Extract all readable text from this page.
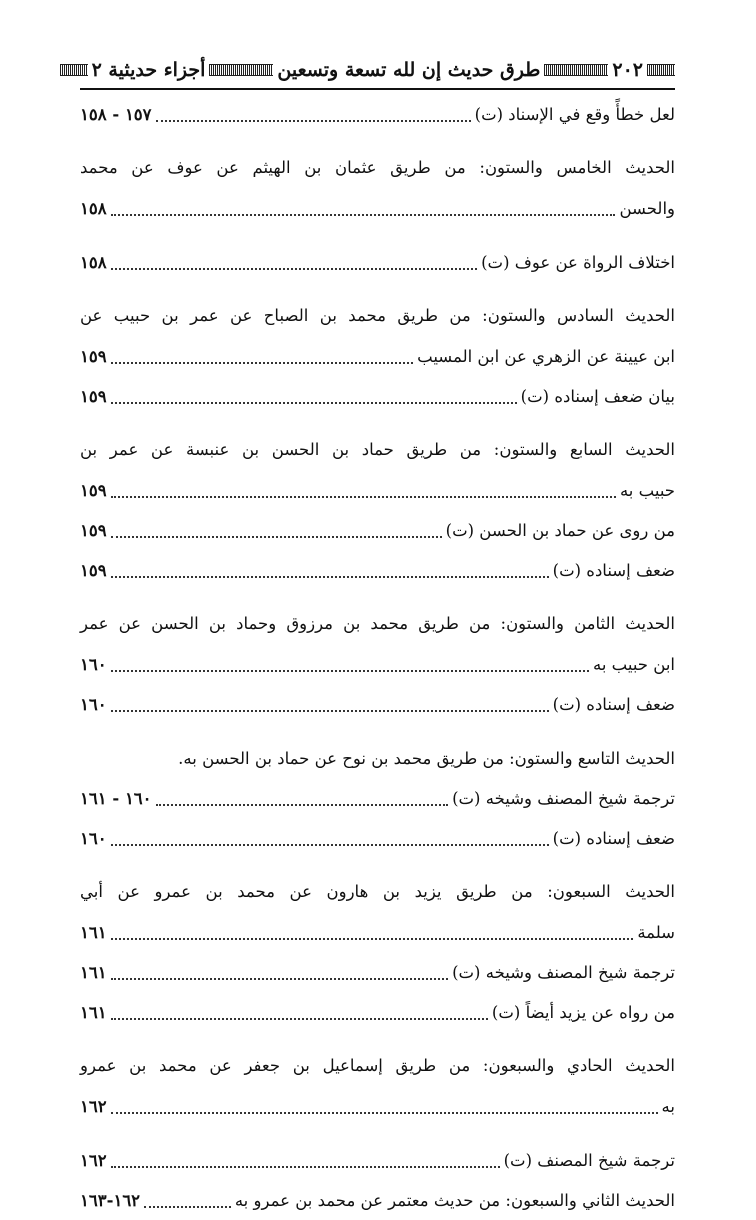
٢٠٢
طرق حديث إن لله تسعة وتسعين
أجزاء حديثية ٢
لعل خطأً وقع في الإسناد (ت)
١٥٧ - ١٥٨
الحديث الخامس والستون: من طريق عثمان بن الهيثم عن عوف عن محمد
والحسن
١٥٨
اختلاف الرواة عن عوف (ت)
١٥٨
الحديث السادس والستون: من طريق محمد بن الصباح عن عمر بن حبيب عن
ابن عيينة عن الزهري عن ابن المسيب
١٥٩
بيان ضعف إسناده (ت)
١٥٩
الحديث السابع والستون: من طريق حماد بن الحسن بن عنبسة عن عمر بن
حبيب به
١٥٩
من روى عن حماد بن الحسن (ت)
١٥٩
ضعف إسناده (ت)
١٥٩
الحديث الثامن والستون: من طريق محمد بن مرزوق وحماد بن الحسن عن عمر
ابن حبيب به
١٦٠
ضعف إسناده (ت)
١٦٠
الحديث التاسع والستون: من طريق محمد بن نوح عن حماد بن الحسن به.
ترجمة شيخ المصنف وشيخه (ت)
١٦٠ - ١٦١
ضعف إسناده (ت)
١٦٠
الحديث السبعون: من طريق يزيد بن هارون عن محمد بن عمرو عن أبي
سلمة
١٦١
ترجمة شيخ المصنف وشيخه (ت)
١٦١
من رواه عن يزيد أيضاً (ت)
١٦١
الحديث الحادي والسبعون: من طريق إسماعيل بن جعفر عن محمد بن عمرو
به
١٦٢
ترجمة شيخ المصنف (ت)
١٦٢
الحديث الثاني والسبعون: من حديث معتمر عن محمد بن عمرو به
١٦٢-١٦٣
